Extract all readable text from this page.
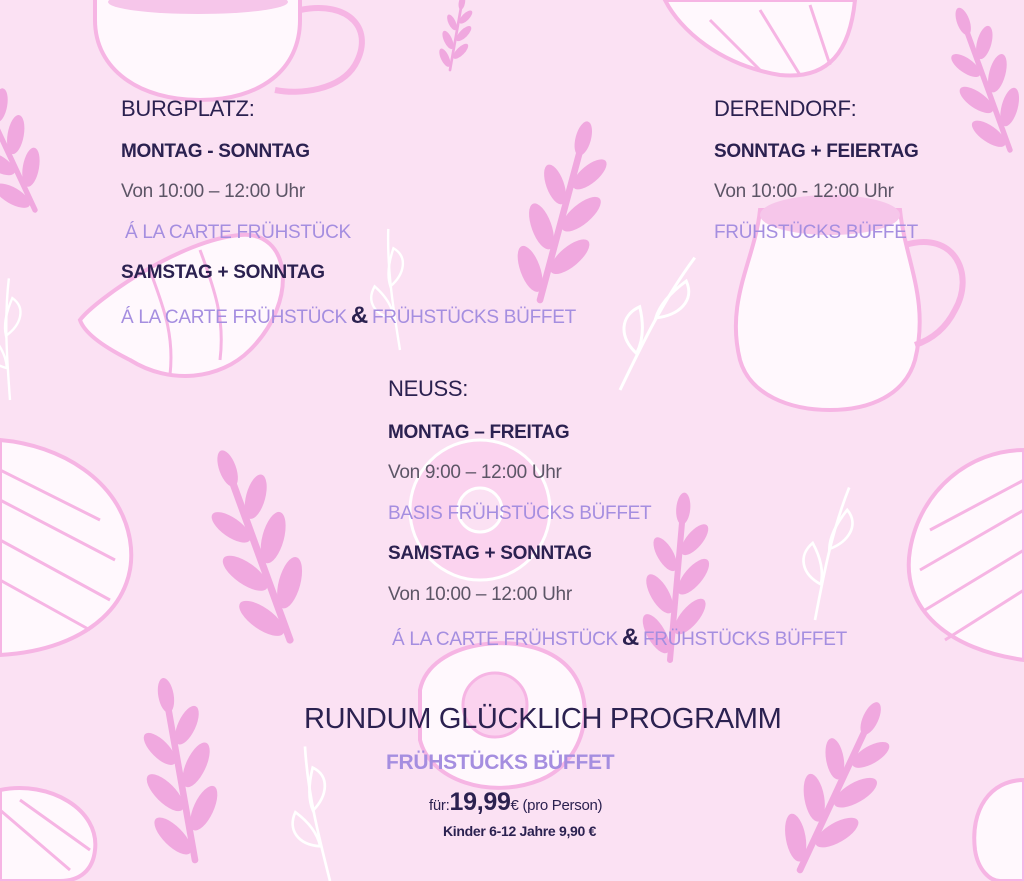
BURGPLATZ:
MONTAG - SONNTAG
Von 10:00 – 12:00 Uhr
Á LA CARTE FRÜHSTÜCK
SAMSTAG + SONNTAG
Á LA CARTE FRÜHSTÜCK & FRÜHSTÜCKS BÜFFET
DERENDORF:
SONNTAG + FEIERTAG
Von 10:00 - 12:00 Uhr
FRÜHSTÜCKS BÜFFET
NEUSS:
MONTAG – FREITAG
Von 9:00 – 12:00 Uhr
BASIS FRÜHSTÜCKS BÜFFET
SAMSTAG + SONNTAG
Von 10:00 – 12:00 Uhr
Á LA CARTE FRÜHSTÜCK & FRÜHSTÜCKS BÜFFET
RUNDUM GLÜCKLICH PROGRAMM
FRÜHSTÜCKS BÜFFET
für:19,99€ (pro Person)
Kinder 6-12 Jahre 9,90 €
